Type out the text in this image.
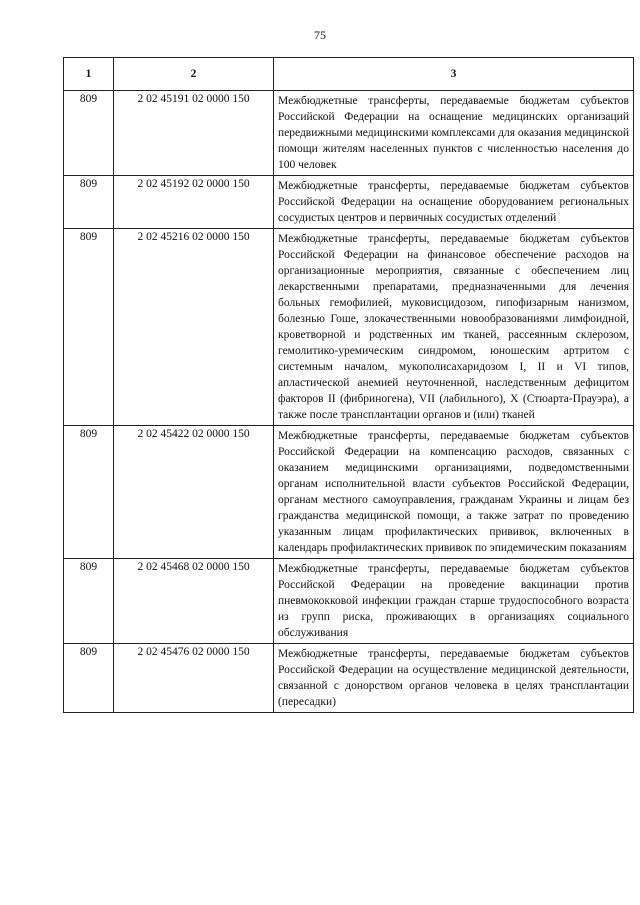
75
1	2	3
809	2 02 45191 02 0000 150	Межбюджетные трансферты, передаваемые бюджетам субъектов Российской Федерации на оснащение медицинских организаций передвижными медицинскими комплексами для оказания медицинской помощи жителям населенных пунктов с численностью населения до 100 человек
809	2 02 45192 02 0000 150	Межбюджетные трансферты, передаваемые бюджетам субъектов Российской Федерации на оснащение оборудованием региональных сосудистых центров и первичных сосудистых отделений
809	2 02 45216 02 0000 150	Межбюджетные трансферты, передаваемые бюджетам субъектов Российской Федерации на финансовое обеспечение расходов на организационные мероприятия, связанные с обеспечением лиц лекарственными препаратами, предназначенными для лечения больных гемофилией, муковисцидозом, гипофизарным нанизмом, болезнью Гоше, злокачественными новообразованиями лимфоидной, кроветворной и родственных им тканей, рассеянным склерозом, гемолитико-уремическим синдромом, юношеским артритом с системным началом, мукополисахаридозом I, II и VI типов, апластической анемией неуточненной, наследственным дефицитом факторов II (фибриногена), VII (лабильного), X (Стюарта-Прауэра), а также после трансплантации органов и (или) тканей
809	2 02 45422 02 0000 150	Межбюджетные трансферты, передаваемые бюджетам субъектов Российской Федерации на компенсацию расходов, связанных с оказанием медицинскими организациями, подведомственными органам исполнительной власти субъектов Российской Федерации, органам местного самоуправления, гражданам Украины и лицам без гражданства медицинской помощи, а также затрат по проведению указанным лицам профилактических прививок, включенных в календарь профилактических прививок по эпидемическим показаниям
809	2 02 45468 02 0000 150	Межбюджетные трансферты, передаваемые бюджетам субъектов Российской Федерации на проведение вакцинации против пневмококковой инфекции граждан старше трудоспособного возраста из групп риска, проживающих в организациях социального обслуживания
809	2 02 45476 02 0000 150	Межбюджетные трансферты, передаваемые бюджетам субъектов Российской Федерации на осуществление медицинской деятельности, связанной с донорством органов человека в целях трансплантации (пересадки)
